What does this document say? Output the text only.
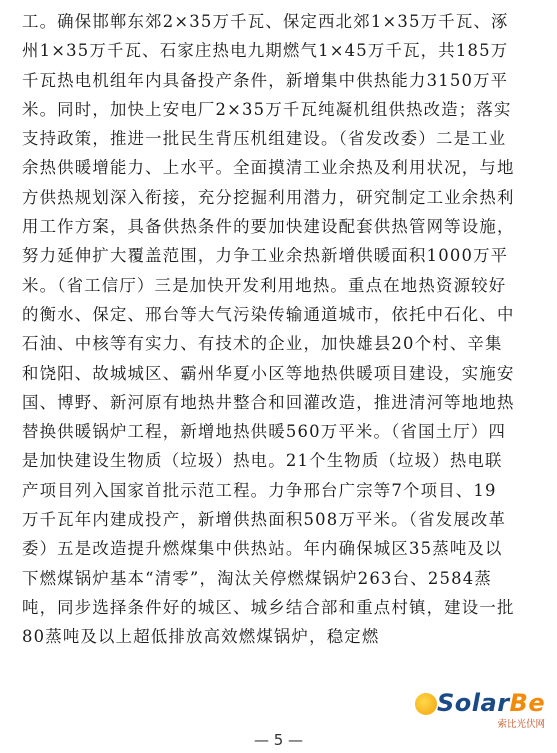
工。确保邯郸东郊2×35万千瓦、保定西北郊1×35万千瓦、涿
州1×35万千瓦、石家庄热电九期燃气1×45万千瓦，共185万
千瓦热电机组年内具备投产条件，新增集中供热能力3150万平
米。同时，加快上安电厂2×35万千瓦纯凝机组供热改造；落实
支持政策，推进一批民生背压机组建设。（省发改委）二是工业
余热供暖增能力、上水平。全面摸清工业余热及利用状况，与地
方供热规划深入衔接，充分挖掘利用潜力，研究制定工业余热利
用工作方案，具备供热条件的要加快建设配套供热管网等设施，
努力延伸扩大覆盖范围，力争工业余热新增供暖面积1000万平
米。（省工信厅）三是加快开发利用地热。重点在地热资源较好
的衡水、保定、邢台等大气污染传输通道城市，依托中石化、中
石油、中核等有实力、有技术的企业，加快雄县20个村、辛集
和饶阳、故城城区、霸州华夏小区等地热供暖项目建设，实施安
国、博野、新河原有地热井整合和回灌改造，推进清河等地地热
替换供暖锅炉工程，新增地热供暖560万平米。（省国土厅）四
是加快建设生物质（垃圾）热电。21个生物质（垃圾）热电联
产项目列入国家首批示范工程。力争邢台广宗等7个项目、19
万千瓦年内建成投产，新增供热面积508万平米。（省发展改革
委）五是改造提升燃煤集中供热站。年内确保城区35蒸吨及以
下燃煤锅炉基本“清零”，淘汰关停燃煤锅炉263台、2584蒸
吨，同步选择条件好的城区、城乡结合部和重点村镇，建设一批
80蒸吨及以上超低排放高效燃煤锅炉，稳定燃
SolarBe
索比光伏网
— 5 —
